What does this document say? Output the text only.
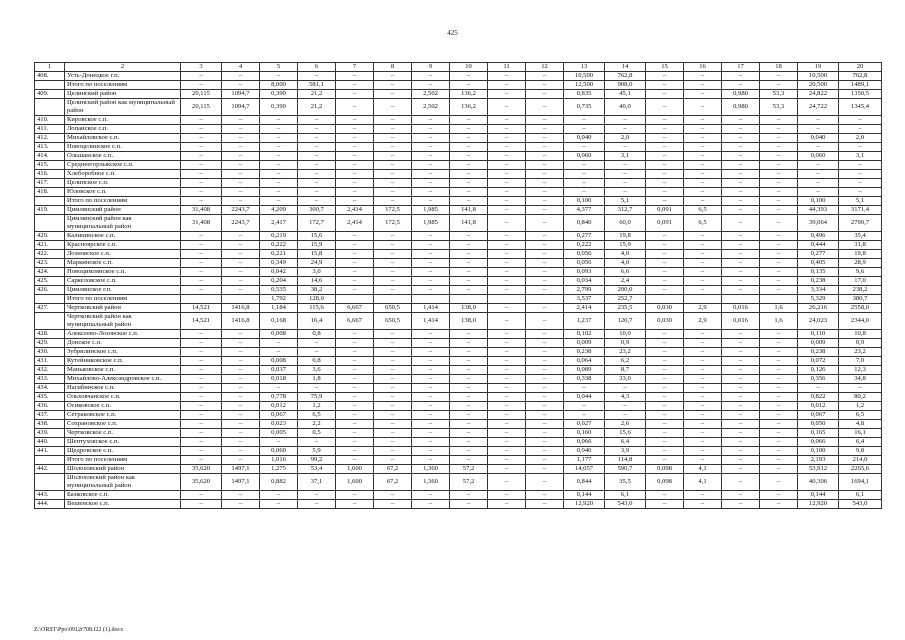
425
1	2	3	4	5	6	7	8	9	10	11	12	13	14	15	16	17	18	19	20
408.	Усть-Донецкое г.п.	–	–	–	–	–	–	–	–	–	–	10,500	762,8	–	–	–	–	10,500	762,8
	Итого по поселениям	–	–	8,000	581,1	–	–	–	–	–	–	12,500	908,0	–	–	–	–	20,500	1489,1
409.	Целинский район	20,115	1094,7	0,390	21,2	–	–	2,502	136,2	–	–	0,835	45,1	–	–	0,980	53,3	24,822	1350,5
	Целинский район как муниципальный район	20,115	1094,7	0,390	21,2	–	–	2,502	136,2	–	–	0,735	40,0	–	–	0,980	53,3	24,722	1345,4
410.	Кировское с.п.	–	–	–	–	–	–	–	–	–	–	–	–	–	–	–	–	–	–
411.	Лопанское с.п.	–	–	–	–	–	–	–	–	–	–	–	–	–	–	–	–	–	–
412.	Михайловское с.п.	–	–	–	–	–	–	–	–	–	–	0,040	2,0	–	–	–	–	0,040	2,0
413.	Новоцелинское с.п.	–	–	–	–	–	–	–	–	–	–	–	–	–	–	–	–	–	–
414.	Ольшанское с.п.	–	–	–	–	–	–	–	–	–	–	0,060	3,1	–	–	–	–	0,060	3,1
415.	Среднеегорлыкское с.п.	–	–	–	–	–	–	–	–	–	–	–	–	–	–	–	–	–	–
416.	Хлеборобное с.п.	–	–	–	–	–	–	–	–	–	–	–	–	–	–	–	–	–	–
417.	Целинское с.п.	–	–	–	–	–	–	–	–	–	–	–	–	–	–	–	–	–	–
418.	Юловское с.п.	–	–	–	–	–	–	–	–	–	–	–	–	–	–	–	–	–	–
	Итого по поселениям	–	–	–	–	–	–	–	–	–	–	0,100	5,1	–	–	–	–	0,100	5,1
419.	Цимлянский район	31,408	2243,7	4,209	300,7	2,414	172,5	1,985	141,8	–	–	4,377	312,7	0,091	6,5	–	–	44,393	3171,4
	Цимлянский район как муниципальный район	31,408	2243,7	2,417	172,7	2,414	172,5	1,985	141,8	–	–	0,840	60,0	0,091	6,5	–	–	39,064	2790,7
420.	Калининское с.п.	–	–	0,219	15,6	–	–	–	–	–	–	0,277	19,8	–	–	–	–	0,496	35,4
421.	Красноярское с.п.	–	–	0,222	15,9	–	–	–	–	–	–	0,222	15,9	–	–	–	–	0,444	31,8
422.	Лозновское с.п.	–	–	0,221	15,8	–	–	–	–	–	–	0,056	4,0	–	–	–	–	0,277	19,8
423.	Маркинское с.п.	–	–	0,349	24,9	–	–	–	–	–	–	0,056	4,0	–	–	–	–	0,405	28,9
424.	Новоцимлянское с.п.	–	–	0,042	3,0	–	–	–	–	–	–	0,093	6,6	–	–	–	–	0,135	9,6
425.	Саркеловское с.п.	–	–	0,204	14,6	–	–	–	–	–	–	0,034	2,4	–	–	–	–	0,238	17,0
426.	Цимлянское г.п.	–	–	0,535	38,2	–	–	–	–	–	–	2,799	200,0	–	–	–	–	3,334	238,2
	Итого по поселениям			1,792	128,0							3,537	252,7					5,329	380,7
427.	Чертковский район	14,521	1416,8	1,184	115,6	6,667	650,5	1,414	138,0	–	–	2,414	235,5	0,030	2,9	0,016	1,6	26,216	2558,0
	Чертковский район как муниципальный район	14,521	1416,8	0,168	16,4	6,667	650,5	1,414	138,0	–	–	1,237	120,7	0,030	2,9	0,016	1,6	24,023	2344,0
428.	Алексеево-Лозовское с.п.	–	–	0,008	0,8	–	–	–	–	–	–	0,102	10,0	–	–	–	–	0,110	10,8
429.	Донское с.п.	–	–	–	–	–	–	–	–	–	–	0,009	0,9	–	–	–	–	0,009	0,9
430.	Зубрилинское с.п.	–	–	–	–	–	–	–	–	–	–	0,238	23,2	–	–	–	–	0,238	23,2
431.	Кутейниковское с.п.	–	–	0,008	0,8	–	–	–	–	–	–	0,064	6,2	–	–	–	–	0,072	7,0
432.	Маньковское с.п.	–	–	0,037	3,6	–	–	–	–	–	–	0,089	8,7	–	–	–	–	0,126	12,3
433.	Михайлово-Александровское с.п.	–	–	0,018	1,8	–	–	–	–	–	–	0,338	33,0	–	–	–	–	0,356	34,8
434.	Нагибинское с.п.	–	–	–	–	–	–	–	–	–	–	–	–	–	–	–	–	–	–
435.	Ольховчанское с.п.	–	–	0,778	75,9	–	–	–	–	–	–	0,044	4,3	–	–	–	–	0,822	80,2
436.	Осиковское с.п.	–	–	0,012	1,2	–	–	–	–	–	–	–	–	–	–	–	–	0,012	1,2
437.	Сетраковское с.п.	–	–	0,067	6,5	–	–	–	–	–	–	–	–	–	–	–	–	0,067	6,5
438.	Сохрановское с.п.	–	–	0,023	2,2	–	–	–	–	–	–	0,027	2,6	–	–	–	–	0,050	4,8
439.	Чертковское с.п.	–	–	0,005	0,5	–	–	–	–	–	–	0,160	15,6	–	–	–	–	0,165	16,1
440.	Шептуховское с.п.	–	–	–	–	–	–	–	–	–	–	0,066	6,4	–	–	–	–	0,066	6,4
441.	Щедровское с.п.	–	–	0,060	5,9	–	–	–	–	–	–	0,040	3,9	–	–	–	–	0,100	9,8
	Итого по поселениям	–	–	1,016	99,2	–	–	–	–	–	–	1,177	114,8	–	–	–	–	2,193	214,0
442.	Шолоховский район	35,620	1497,1	1,275	53,4	1,600	67,2	1,360	57,2	–	–	14,057	590,7	0,098	4,1	–	–	53,912	2265,6
	Шолоховский район как муниципальный район	35,620	1497,1	0,882	37,1	1,600	67,2	1,360	57,2	–	–	0,844	35,5	0,098	4,1	–	–	40,306	1694,1
443.	Базковское с.п.	–	–	–	–	–	–	–	–	–	–	0,144	6,1	–	–	–	–	0,144	6,1
444.	Вешенское с.п.	–	–	–	–	–	–	–	–	–	–	12,920	543,0	–	–	–	–	12,920	543,0
Z:\ORST\Ppo\0912r708.f22 (1).docx
